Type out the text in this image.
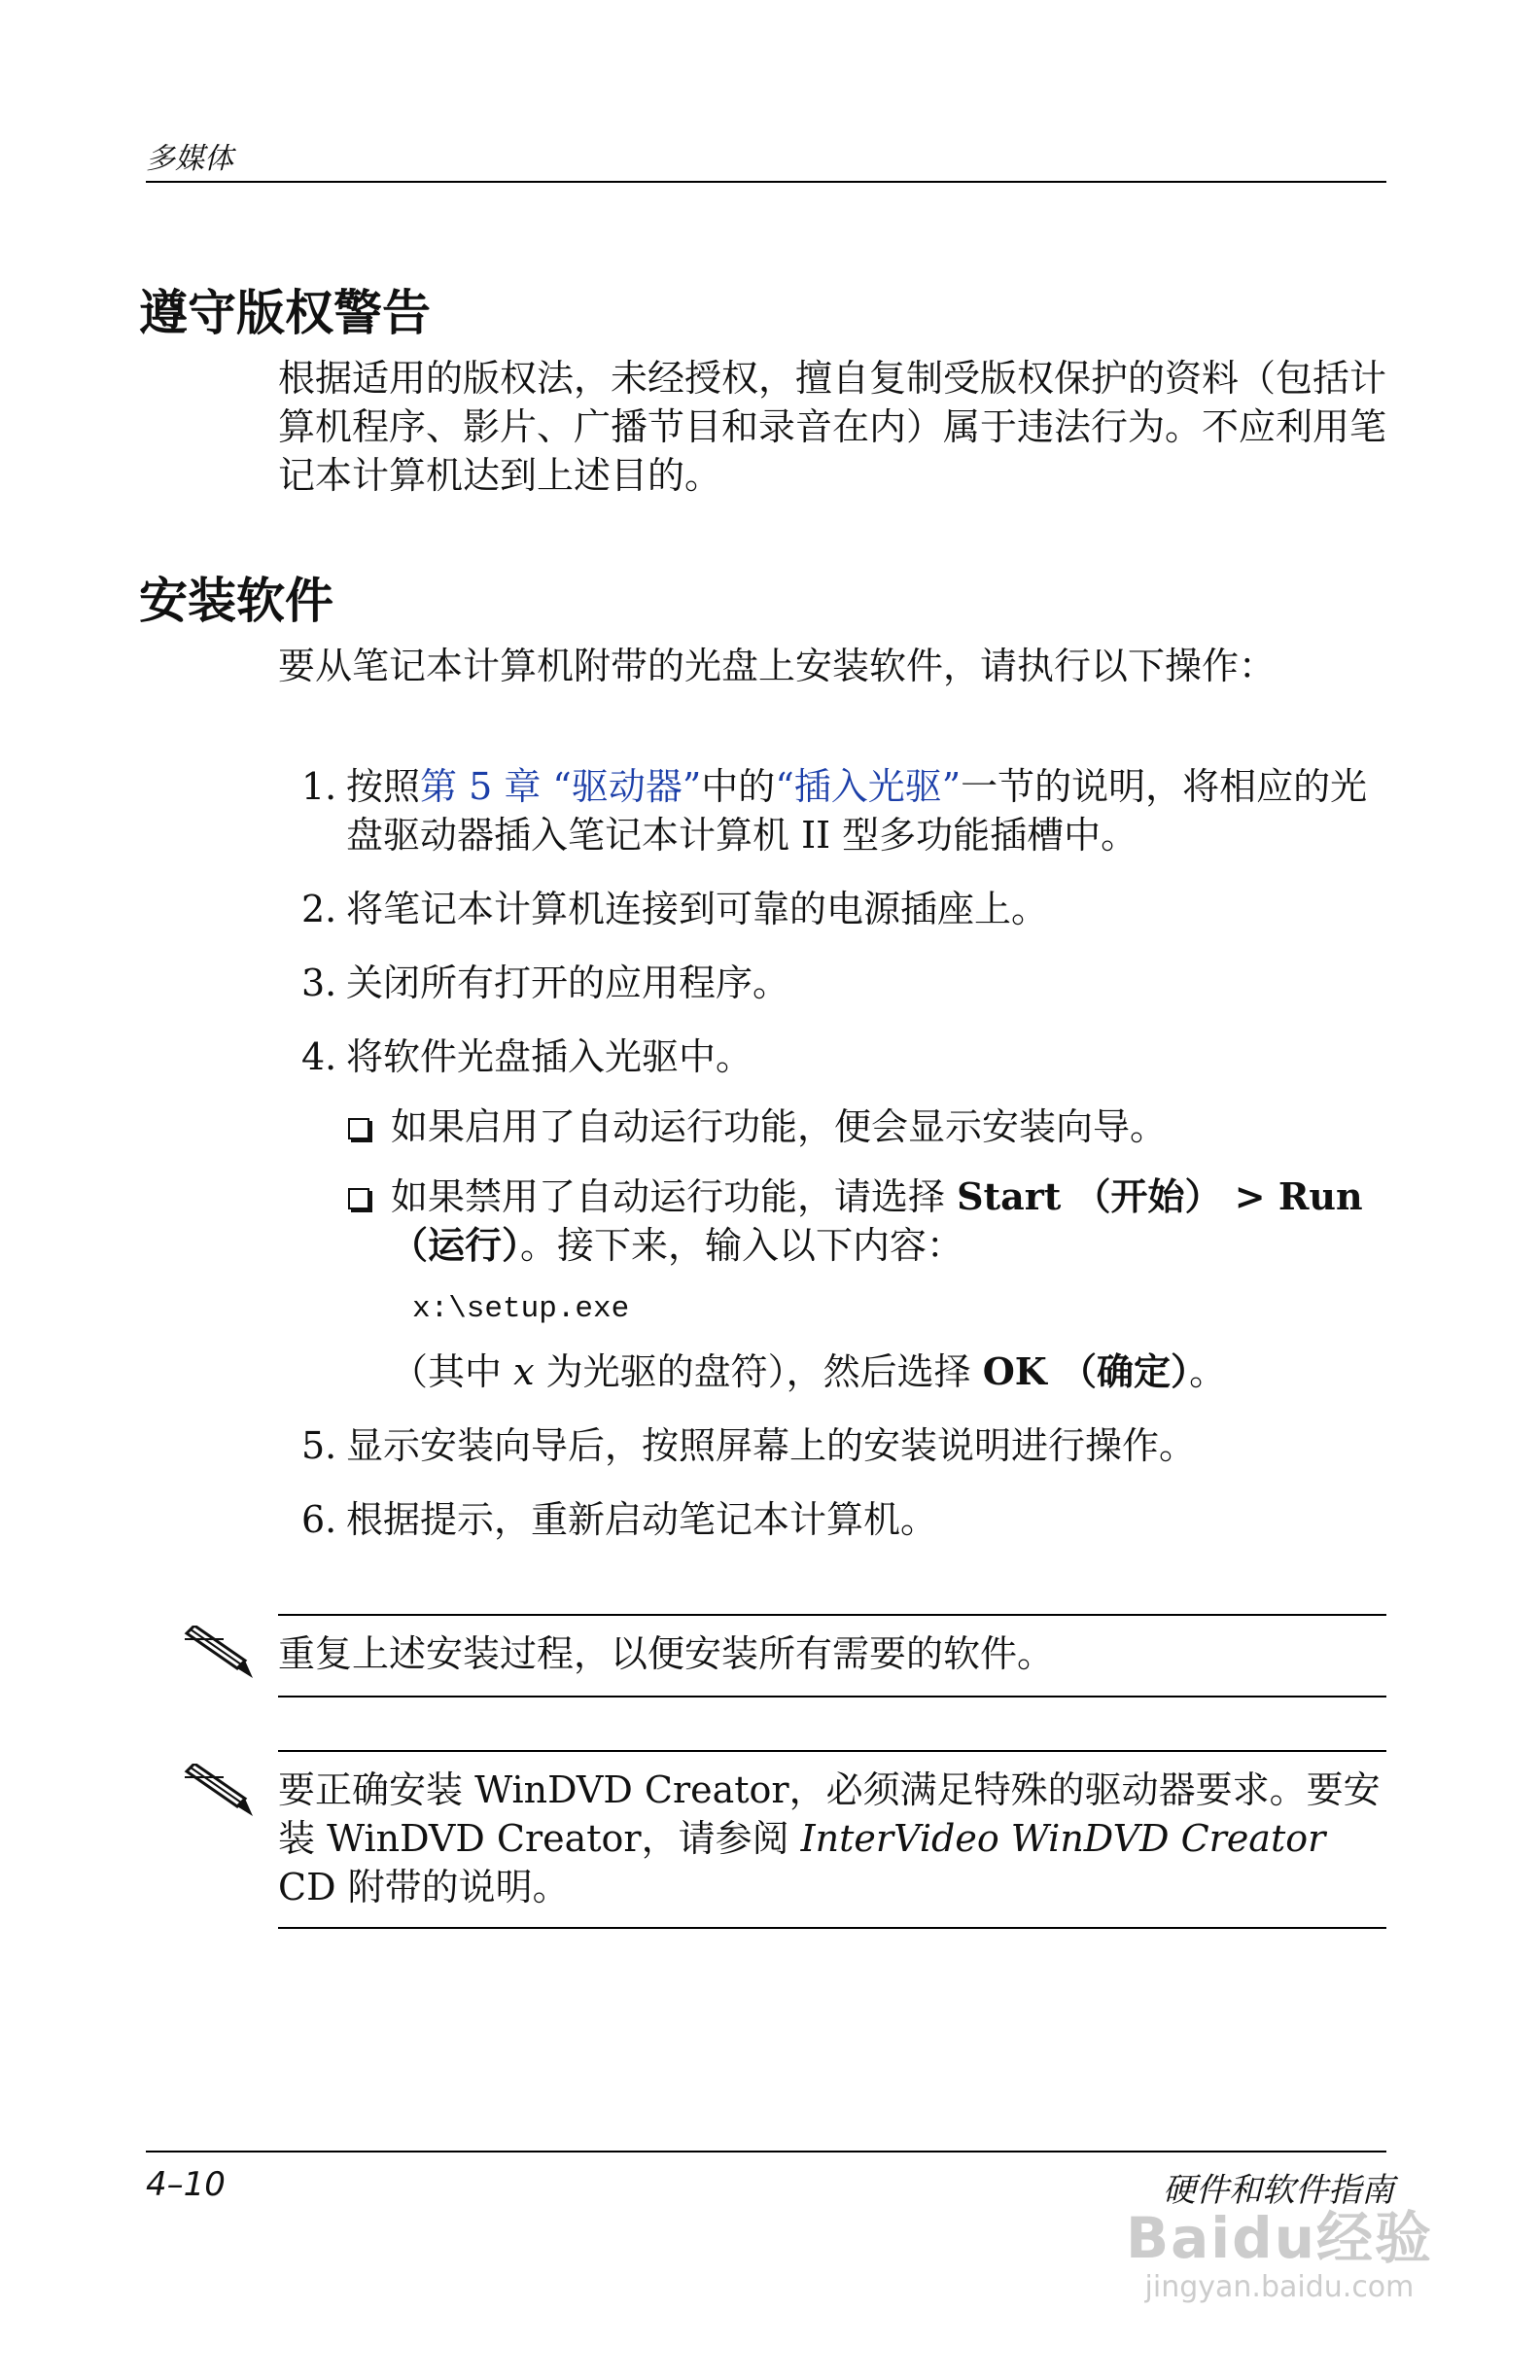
多媒体
遵守版权警告
根据适用的版权法，未经授权，擅自复制受版权保护的资料（包括计算机程序、影片、广播节目和录音在内）属于违法行为。不应利用笔记本计算机达到上述目的。
安装软件
要从笔记本计算机附带的光盘上安装软件，请执行以下操作：
1. 按照第 5 章 “驱动器”中的“插入光驱”一节的说明，将相应的光盘驱动器插入笔记本计算机 II 型多功能插槽中。
2. 将笔记本计算机连接到可靠的电源插座上。
3. 关闭所有打开的应用程序。
4. 将软件光盘插入光驱中。
如果启用了自动运行功能，便会显示安装向导。
如果禁用了自动运行功能，请选择 Start （开始） > Run （运行）。接下来，输入以下内容：
x:\setup.exe
（其中 x 为光驱的盘符），然后选择 OK （确定）。
5. 显示安装向导后，按照屏幕上的安装说明进行操作。
6. 根据提示，重新启动笔记本计算机。
重复上述安装过程，以便安装所有需要的软件。
要正确安装 WinDVD Creator，必须满足特殊的驱动器要求。要安装 WinDVD Creator，请参阅 InterVideo WinDVD Creator CD 附带的说明。
4–10	硬件和软件指南
Baidu经验
jingyan.baidu.com
